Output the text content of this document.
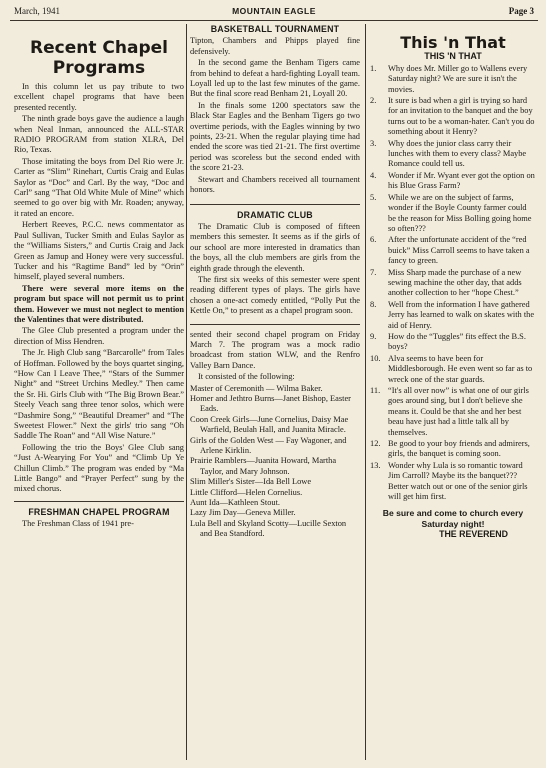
March, 1941	MOUNTAIN EAGLE	Page 3
Recent Chapel
Programs

In this column let us pay tribute to two excellent chapel programs that have been presented recently.

The ninth grade boys gave the audience a laugh when Neal Inman, announced the ALL-STAR RADIO PROGRAM from station XLRA, Del Rio, Texas.

Those imitating the boys from Del Rio were Jr. Carter as “Slim” Rinehart, Curtis Craig and Eulas Saylor as “Doc” and Carl. By the way, “Doc and Carl” sang “That Old White Mule of Mine” which seemed to go over big with Mr. Roaden; anyway, it rated an encore.

Herbert Reeves, P.C.C. news commentator as Paul Sullivan, Tucker Smith and Eulas Saylor as the “Williams Sisters,” and Curtis Craig and Jack Green as Jamup and Honey were very successful. Tucker and his “Ragtime Band” led by “Orin” himself, played several numbers.

There were several more items on the program but space will not permit us to print them. However we must not neglect to mention the Valentines that were distributed.

The Glee Club presented a program under the direction of Miss Hendren.

The Jr. High Club sang “Barcarolle” from Tales of Hoffman. Followed by the boys quartet singing, “How Can I Leave Thee,” “Stars of the Summer Night” and “Street Urchins Medley.” Then came the Sr. Hi. Girls Club with “The Big Brown Bear.” Steely Veach sang three tenor solos, which were “Dashmire Song,” “Beautiful Dreamer” and “The Sweetest Flower.” Next the girls' trio sang “Oh Saddle The Roan” and “All Wise Nature.”

Following the trio the Boys' Glee Club sang “Just A-Wearying For You” and “Climb Up Ye Chillun Climb.” The program was ended by “Ma Little Bango” and “Prayer Perfect” sung by the mixed chorus.

FRESHMAN CHAPEL PROGRAM

The Freshman Class of 1941 pre-

BASKETBALL TOURNAMENT

Tipton, Chambers and Phipps played fine defensively.

In the second game the Benham Tigers came from behind to defeat a hard-fighting Loyall team. Loyall led up to the last few minutes of the game. But the final score read Benham 21, Loyall 20.

In the finals some 1200 spectators saw the Black Star Eagles and the Benham Tigers go two overtime periods, with the Eagles winning by two points, 23-21. When the regular playing time had ended the score was tied 21-21. The first overtime period was scoreless but the second ended with the score 21-23.

Stewart and Chambers received all tournament honors.

DRAMATIC CLUB

The Dramatic Club is composed of fifteen members this semester. It seems as if the girls of our school are more interested in dramatics than the boys, all the club members are girls from the eighth grade through the eleventh.

The first six weeks of this semester were spent reading different types of plays. The girls have chosen a one-act comedy entitled, “Polly Put the Kettle On,” to present as a chapel program soon.

sented their second chapel program on Friday March 7. The program was a mock radio broadcast from station WLW, and the Renfro Valley Barn Dance.

It consisted of the following:

Master of Ceremonith — Wilma Baker.
Homer and Jethtro Burns—Janet Bishop, Easter Eads.
Coon Creek Girls—June Cornelius, Daisy Mae Warfield, Beulah Hall, and Juanita Miracle.
Girls of the Golden West — Fay Wagoner, and Arlene Kirklin.
Prairie Ramblers—Juanita Howard, Martha Taylor, and Mary Johnson.
Slim Miller's Sister—Ida Bell Lowe
Little Clifford—Helen Cornelius.
Aunt Ida—Kathleen Stout.
Lazy Jim Day—Geneva Miller.
Lula Bell and Skyland Scotty—Lucille Sexton and Bea Standford.
This 'n That
THIS 'N THAT
1. Why does Mr. Miller go to Wallens every Saturday night? We are sure it isn't the movies.
2. It sure is bad when a girl is trying so hard for an invitation to the banquet and the boy turns out to be a woman-hater. Can't you do something about it Henry?
3. Why does the junior class carry their lunches with them to every class? Maybe Romance could tell us.
4. Wonder if Mr. Wyant ever got the option on his Blue Grass Farm?
5. While we are on the subject of farms, wonder if the Boyle County farmer could be the reason for Miss Bolling going home so often???
6. After the unfortunate accident of the “red buick” Miss Carroll seems to have taken a fancy to green.
7. Miss Sharp made the purchase of a new sewing machine the other day, that adds another collection to her “hope Chest.”
8. Well from the information I have gathered Jerry has learned to walk on skates with the aid of Henry.
9. How do the “Tuggles” fits effect the B.S. boys?
10. Alva seems to have been for Middlesborough. He even went so far as to wreck one of the star guards.
11. “It's all over now” is what one of our girls goes around sing, but I don't believe she means it. Could be that she and her best beau have just had a little talk all by themselves.
12. Be good to your boy friends and admirers, girls, the banquet is coming soon.
13. Wonder why Lula is so romantic toward Jim Carroll? Maybe its the banquet??? Better watch out or one of the senior girls will get him first.
Be sure and come to church every Saturday night!
THE REVEREND
